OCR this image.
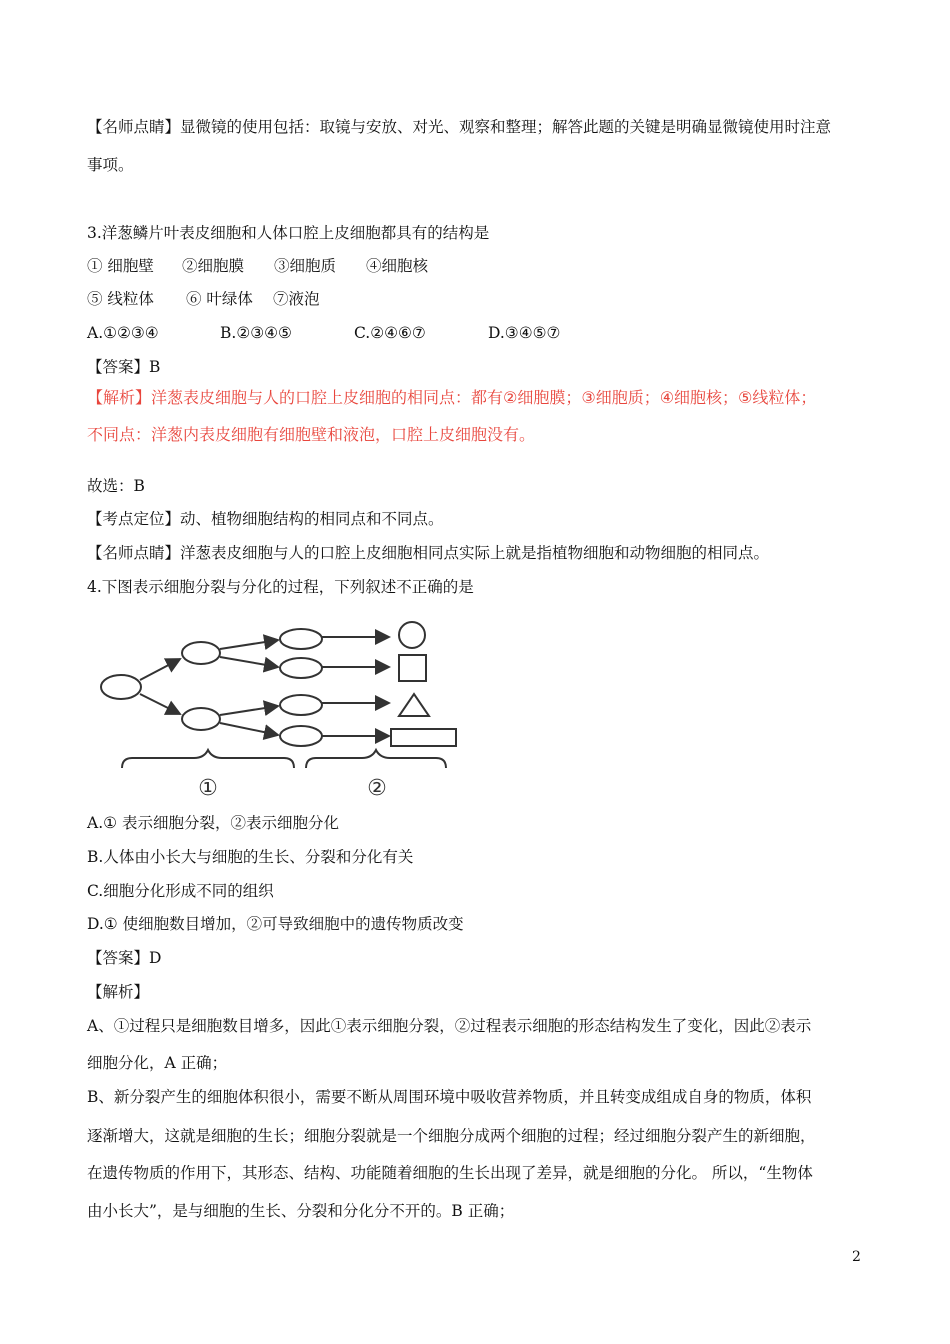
【名师点睛】显微镜的使用包括：取镜与安放、对光、观察和整理；解答此题的关键是明确显微镜使用时注意
事项。
3.洋葱鳞片叶表皮细胞和人体口腔上皮细胞都具有的结构是
① 细胞壁 ②细胞膜 ③细胞质 ④细胞核
⑤ 线粒体 ⑥ 叶绿体 ⑦液泡
A.①②③④	B.②③④⑤	C.②④⑥⑦	D.③④⑤⑦
【答案】B
【解析】洋葱表皮细胞与人的口腔上皮细胞的相同点：都有②细胞膜；③细胞质；④细胞核；⑤线粒体；
不同点：洋葱内表皮细胞有细胞壁和液泡，口腔上皮细胞没有。
故选：B
【考点定位】动、植物细胞结构的相同点和不同点。
【名师点睛】洋葱表皮细胞与人的口腔上皮细胞相同点实际上就是指植物细胞和动物细胞的相同点。
4.下图表示细胞分裂与分化的过程，下列叙述不正确的是
①	②
A.① 表示细胞分裂，②表示细胞分化
B.人体由小长大与细胞的生长、分裂和分化有关
C.细胞分化形成不同的组织
D.① 使细胞数目增加，②可导致细胞中的遗传物质改变
【答案】D
【解析】
A、①过程只是细胞数目增多，因此①表示细胞分裂，②过程表示细胞的形态结构发生了变化，因此②表示
细胞分化，A 正确；
B、新分裂产生的细胞体积很小，需要不断从周围环境中吸收营养物质，并且转变成组成自身的物质，体积
逐渐增大，这就是细胞的生长；细胞分裂就是一个细胞分成两个细胞的过程；经过细胞分裂产生的新细胞，
在遗传物质的作用下，其形态、结构、功能随着细胞的生长出现了差异，就是细胞的分化。 所以，“生物体
由小长大”，是与细胞的生长、分裂和分化分不开的。B 正确；
2
